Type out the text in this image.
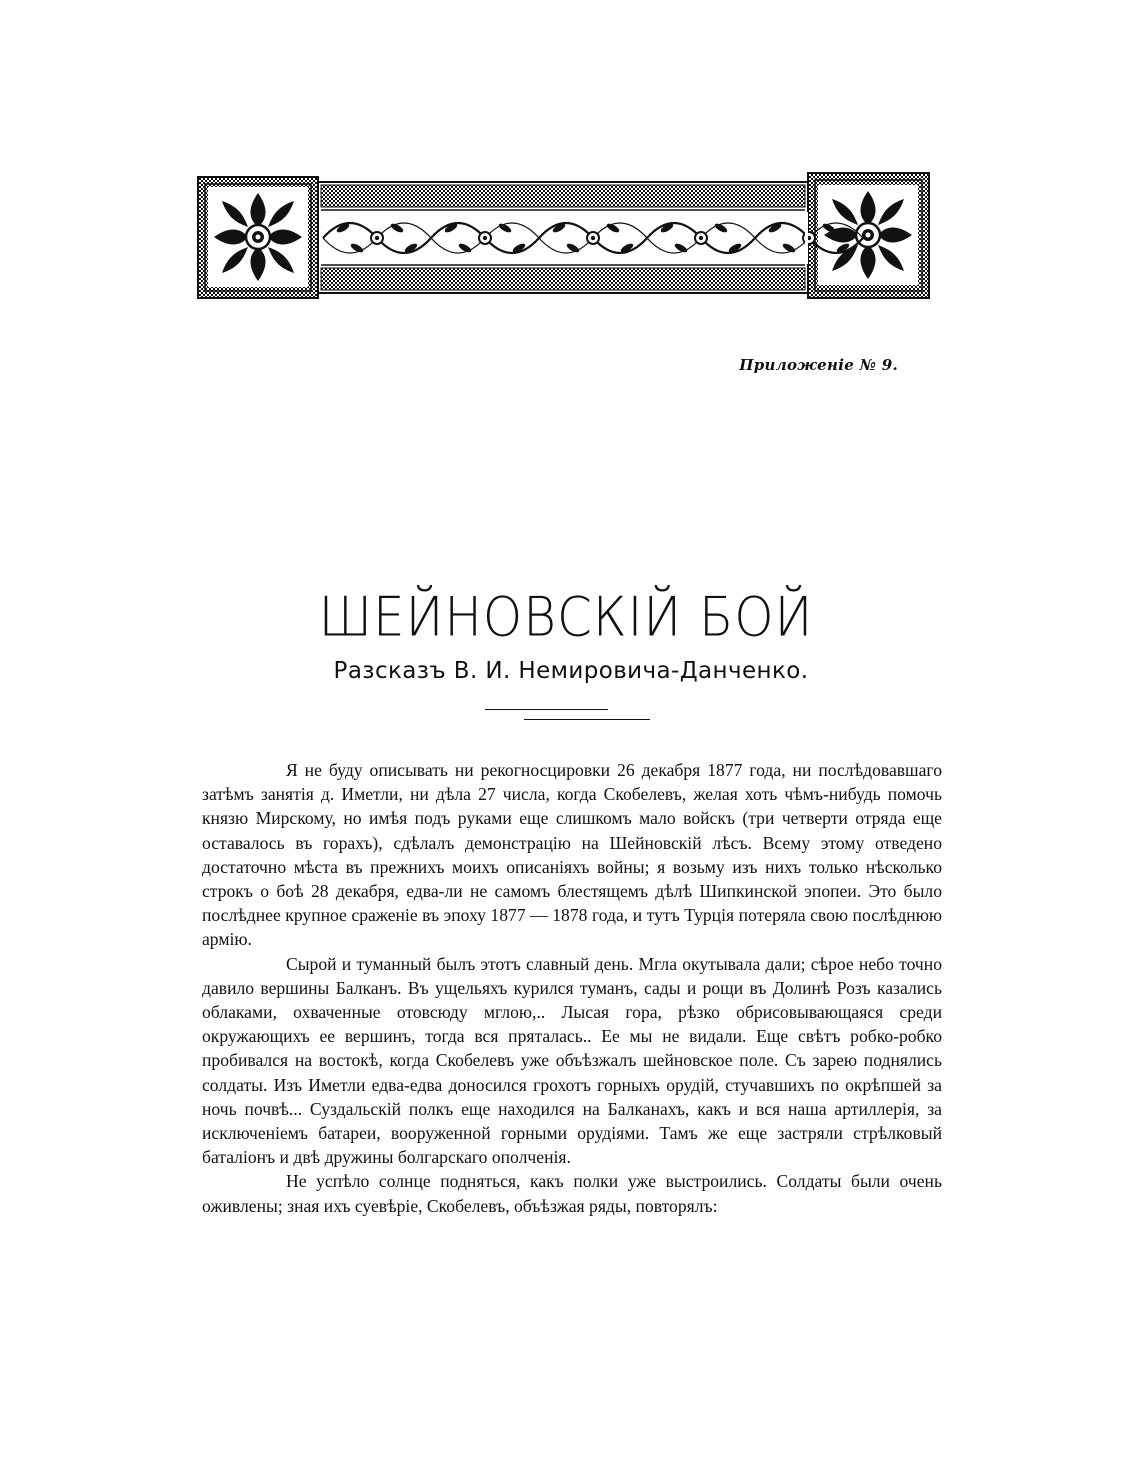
Приложеніе № 9.
ШЕЙНОВСКІЙ БОЙ
Разсказъ В. И. Немировича-Данченко.

Я не буду описывать ни рекогносцировки 26 декабря 1877 года, ни послѣдовавшаго затѣмъ занятія д. Иметли, ни дѣла 27 числа, когда Скобелевъ, желая хоть чѣмъ-нибудь помочь князю Мирскому, но имѣя подъ руками еще слишкомъ мало войскъ (три четверти отряда еще оставалось въ горахъ), сдѣлалъ демонстрацію на Шейновскій лѣсъ. Всему этому отведено достаточно мѣста въ прежнихъ моихъ описаніяхъ войны; я возьму изъ нихъ только нѣсколько строкъ о боѣ 28 декабря, едва-ли не самомъ блестящемъ дѣлѣ Шипкинской эпопеи. Это было послѣднее крупное сраженіе въ эпоху 1877 — 1878 года, и тутъ Турція потеряла свою послѣднюю армію.

Сырой и туманный былъ этотъ славный день. Мгла окутывала дали; сѣрое небо точно давило вершины Балканъ. Въ ущельяхъ курился туманъ, сады и рощи въ Долинѣ Розъ казались облаками, охваченные отовсюду мглою,.. Лысая гора, рѣзко обрисовывающаяся среди окружающихъ ее вершинъ, тогда вся пряталась.. Ее мы не видали. Еще свѣтъ робко-робко пробивался на востокѣ, когда Скобелевъ уже объѣзжалъ шейновское поле. Съ зарею поднялись солдаты. Изъ Иметли едва-едва доносился грохотъ горныхъ орудій, стучавшихъ по окрѣпшей за ночь почвѣ... Суздальскій полкъ еще находился на Балканахъ, какъ и вся наша артиллерія, за исключеніемъ батареи, вооруженной горными орудіями. Тамъ же еще застряли стрѣлковый баталіонъ и двѣ дружины болгарскаго ополченія.

Не успѣло солнце подняться, какъ полки уже выстроились. Солдаты были очень оживлены; зная ихъ суевѣріе, Скобелевъ, объѣзжая ряды, повторялъ:
